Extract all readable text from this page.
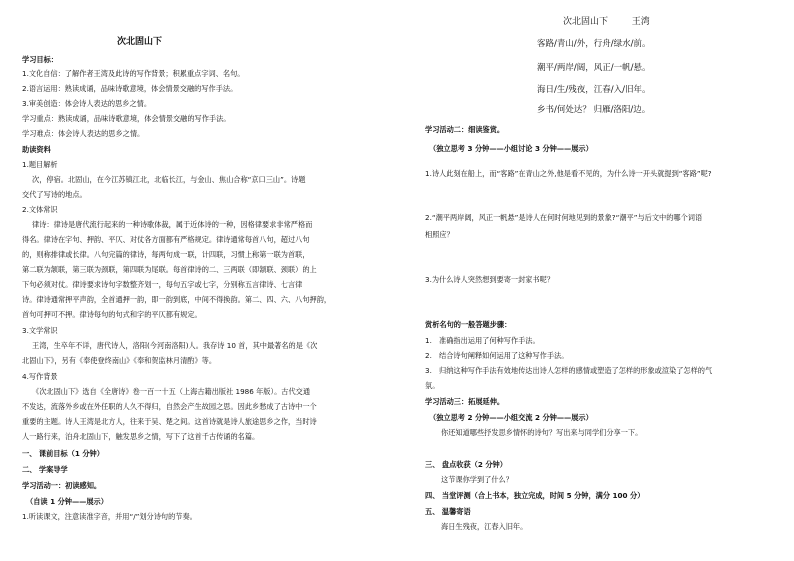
次北固山下
学习目标：
1.文化自信：了解作者王湾及此诗的写作背景；积累重点字词、名句。
2.语言运用：熟读成诵，品味诗歌意境，体会情景交融的写作手法。
3.审美创造：体会诗人表达的思乡之情。
学习重点：熟读成诵，品味诗歌意境，体会情景交融的写作手法。
学习难点：体会诗人表达的思乡之情。
助读资料
1.题目解析
次，停宿。北固山，在今江苏镇江北，北临长江，与金山、焦山合称“京口三山”。诗题
交代了写诗的地点。
2.文体常识
律诗：律诗是唐代流行起来的一种诗歌体裁，属于近体诗的一种，因格律要求非常严格而
得名。律诗在字句、押韵、平仄、对仗各方面都有严格规定。律诗通常每首八句，超过八句
的，则称排律或长律。八句完篇的律诗，每两句成一联，计四联，习惯上称第一联为首联，
第二联为颔联，第三联为颈联，第四联为尾联。每首律诗的二、三两联（即颔联、颈联）的上
下句必须对仗。律诗要求诗句字数整齐划一，每句五字或七字，分别称五言律诗、七言律
诗。律诗通常押平声韵，全首通押一韵，即一韵到底，中间不得换韵。第二、四、六、八句押韵，
首句可押可不押。律诗每句的句式和字的平仄都有规定。
3.文学常识
王湾，生卒年不详，唐代诗人，洛阳(今河南洛阳)人。我存诗 10 首，其中最著名的是《次
北固山下》，另有《奉使登终南山》《奉和贺监林月清酌》等。
4.写作背景
《次北固山下》选自《全唐诗》卷一百一十五（上海古籍出版社 1986 年版）。古代交通
不发达，流落外乡或在外任职的人久不得归，自然会产生故园之思。因此乡愁成了古诗中一个
重要的主题。诗人王湾是北方人，往来于吴、楚之间。这首诗就是诗人旅途思乡之作，当时诗
人一路行来，泊舟北固山下，触发思乡之情，写下了这首千古传诵的名篇。
一、 课前目标（1 分钟）
二、 学案导学
学习活动一：初读感知。
（自读 1 分钟——展示）
1.听读课文，注意读准字音，并用“/”划分诗句的节奏。
次北固山下	王湾
客路/青山/外，行舟/绿水/前。
潮平/两岸/阔，风正/一帆/悬。
海日/生/残夜，江春/入/旧年。
乡书/何处达？ 归雁/洛阳/边。
学习活动二：细读鉴赏。
（独立思考 3 分钟——小组讨论 3 分钟——展示）
1.诗人此刻在船上，而“客路”在青山之外,他是看不见的，为什么诗一开头就提到“客路”呢?
2.“潮平两岸阔，风正一帆悬”是诗人在何时何地见到的景象?“潮平”与后文中的哪个词语
相照应？
3.为什么诗人突然想到要寄一封家书呢？
赏析名句的一般答题步骤：
1.　准确指出运用了何种写作手法。
2.　结合诗句阐释如何运用了这种写作手法。
3.　归纳这种写作手法有效地传达出诗人怎样的感情或塑造了怎样的形象或渲染了怎样的气
氛。
学习活动三：拓展延伸。
（独立思考 2 分钟——小组交流 2 分钟——展示）
你还知道哪些抒发思乡情怀的诗句？写出来与同学们分享一下。
三、 盘点收获（2 分钟）
这节课你学到了什么？
四、 当堂评测（合上书本，独立完成，时间 5 分钟，满分 100 分）
五、 温馨寄语
海日生残夜，江春入旧年。
